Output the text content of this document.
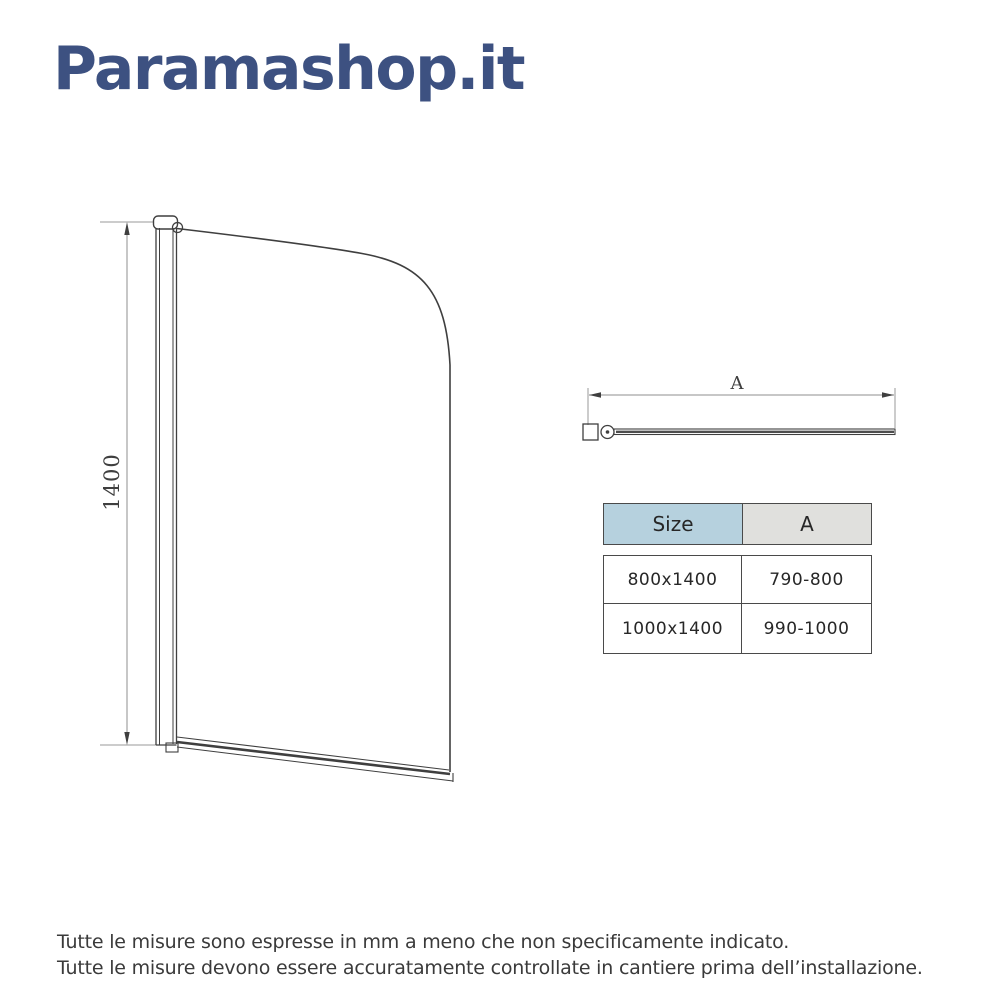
Paramashop.it
1400
A
Size	A
800x1400	790-800
1000x1400	990-1000
Tutte le misure sono espresse in mm a meno che non specificamente indicato.
Tutte le misure devono essere accuratamente controllate in cantiere prima dell’installazione.
